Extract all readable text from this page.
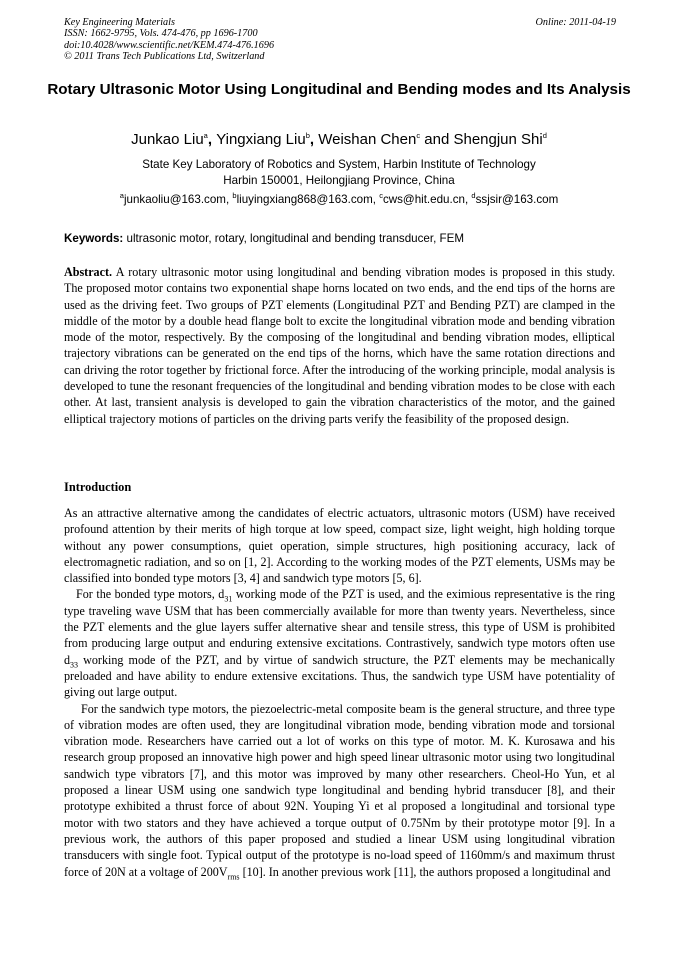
Key Engineering Materials
ISSN: 1662-9795, Vols. 474-476, pp 1696-1700
doi:10.4028/www.scientific.net/KEM.474-476.1696
© 2011 Trans Tech Publications Ltd, Switzerland
Online: 2011-04-19
Rotary Ultrasonic Motor Using Longitudinal and Bending modes and Its Analysis
Junkao Liu$^a$, Yingxiang Liu$^b$, Weishan Chen$^c$ and Shengjun Shi$^d$
State Key Laboratory of Robotics and System, Harbin Institute of Technology
Harbin 150001, Heilongjiang Province, China
$^a$junkaoliu@163.com, $^b$liuyingxiang868@163.com, $^c$cws@hit.edu.cn, $^d$ssjsir@163.com
Keywords: ultrasonic motor, rotary, longitudinal and bending transducer, FEM

Abstract. A rotary ultrasonic motor using longitudinal and bending vibration modes is proposed in this study. The proposed motor contains two exponential shape horns located on two ends, and the end tips of the horns are used as the driving feet. Two groups of PZT elements (Longitudinal PZT and Bending PZT) are clamped in the middle of the motor by a double head flange bolt to excite the longitudinal vibration mode and bending vibration mode of the motor, respectively. By the composing of the longitudinal and bending vibration modes, elliptical trajectory vibrations can be generated on the end tips of the horns, which have the same rotation directions and can driving the rotor together by frictional force. After the introducing of the working principle, modal analysis is developed to tune the resonant frequencies of the longitudinal and bending vibration modes to be close with each other. At last, transient analysis is developed to gain the vibration characteristics of the motor, and the gained elliptical trajectory motions of particles on the driving parts verify the feasibility of the proposed design.

Introduction

As an attractive alternative among the candidates of electric actuators, ultrasonic motors (USM) have received profound attention by their merits of high torque at low speed, compact size, light weight, high holding torque without any power consumptions, quiet operation, simple structures, high positioning accuracy, lack of electromagnetic radiation, and so on [1, 2]. According to the working modes of the PZT elements, USMs may be classified into bonded type motors [3, 4] and sandwich type motors [5, 6].

For the bonded type motors, $d_{31}$ working mode of the PZT is used, and the eximious representative is the ring type traveling wave USM that has been commercially available for more than twenty years. Nevertheless, since the PZT elements and the glue layers suffer alternative shear and tensile stress, this type of USM is prohibited from producing large output and enduring extensive excitations. Contrastively, sandwich type motors often use $d_{33}$ working mode of the PZT, and by virtue of sandwich structure, the PZT elements may be mechanically preloaded and have ability to endure extensive excitations. Thus, the sandwich type USM have potentiality of giving out large output.

For the sandwich type motors, the piezoelectric-metal composite beam is the general structure, and three type of vibration modes are often used, they are longitudinal vibration mode, bending vibration mode and torsional vibration mode. Researchers have carried out a lot of works on this type of motor. M. K. Kurosawa and his research group proposed an innovative high power and high speed linear ultrasonic motor using two longitudinal sandwich type vibrators [7], and this motor was improved by many other researchers. Cheol-Ho Yun, et al proposed a linear USM using one sandwich type longitudinal and bending hybrid transducer [8], and their prototype exhibited a thrust force of about 92N. Youping Yi et al proposed a longitudinal and torsional type motor with two stators and they have achieved a torque output of 0.75Nm by their prototype motor [9]. In a previous work, the authors of this paper proposed and studied a linear USM using longitudinal vibration transducers with single foot. Typical output of the prototype is no-load speed of 1160mm/s and maximum thrust force of 20N at a voltage of $200V_{rms}$ [10]. In another previous work [11], the authors proposed a longitudinal and
